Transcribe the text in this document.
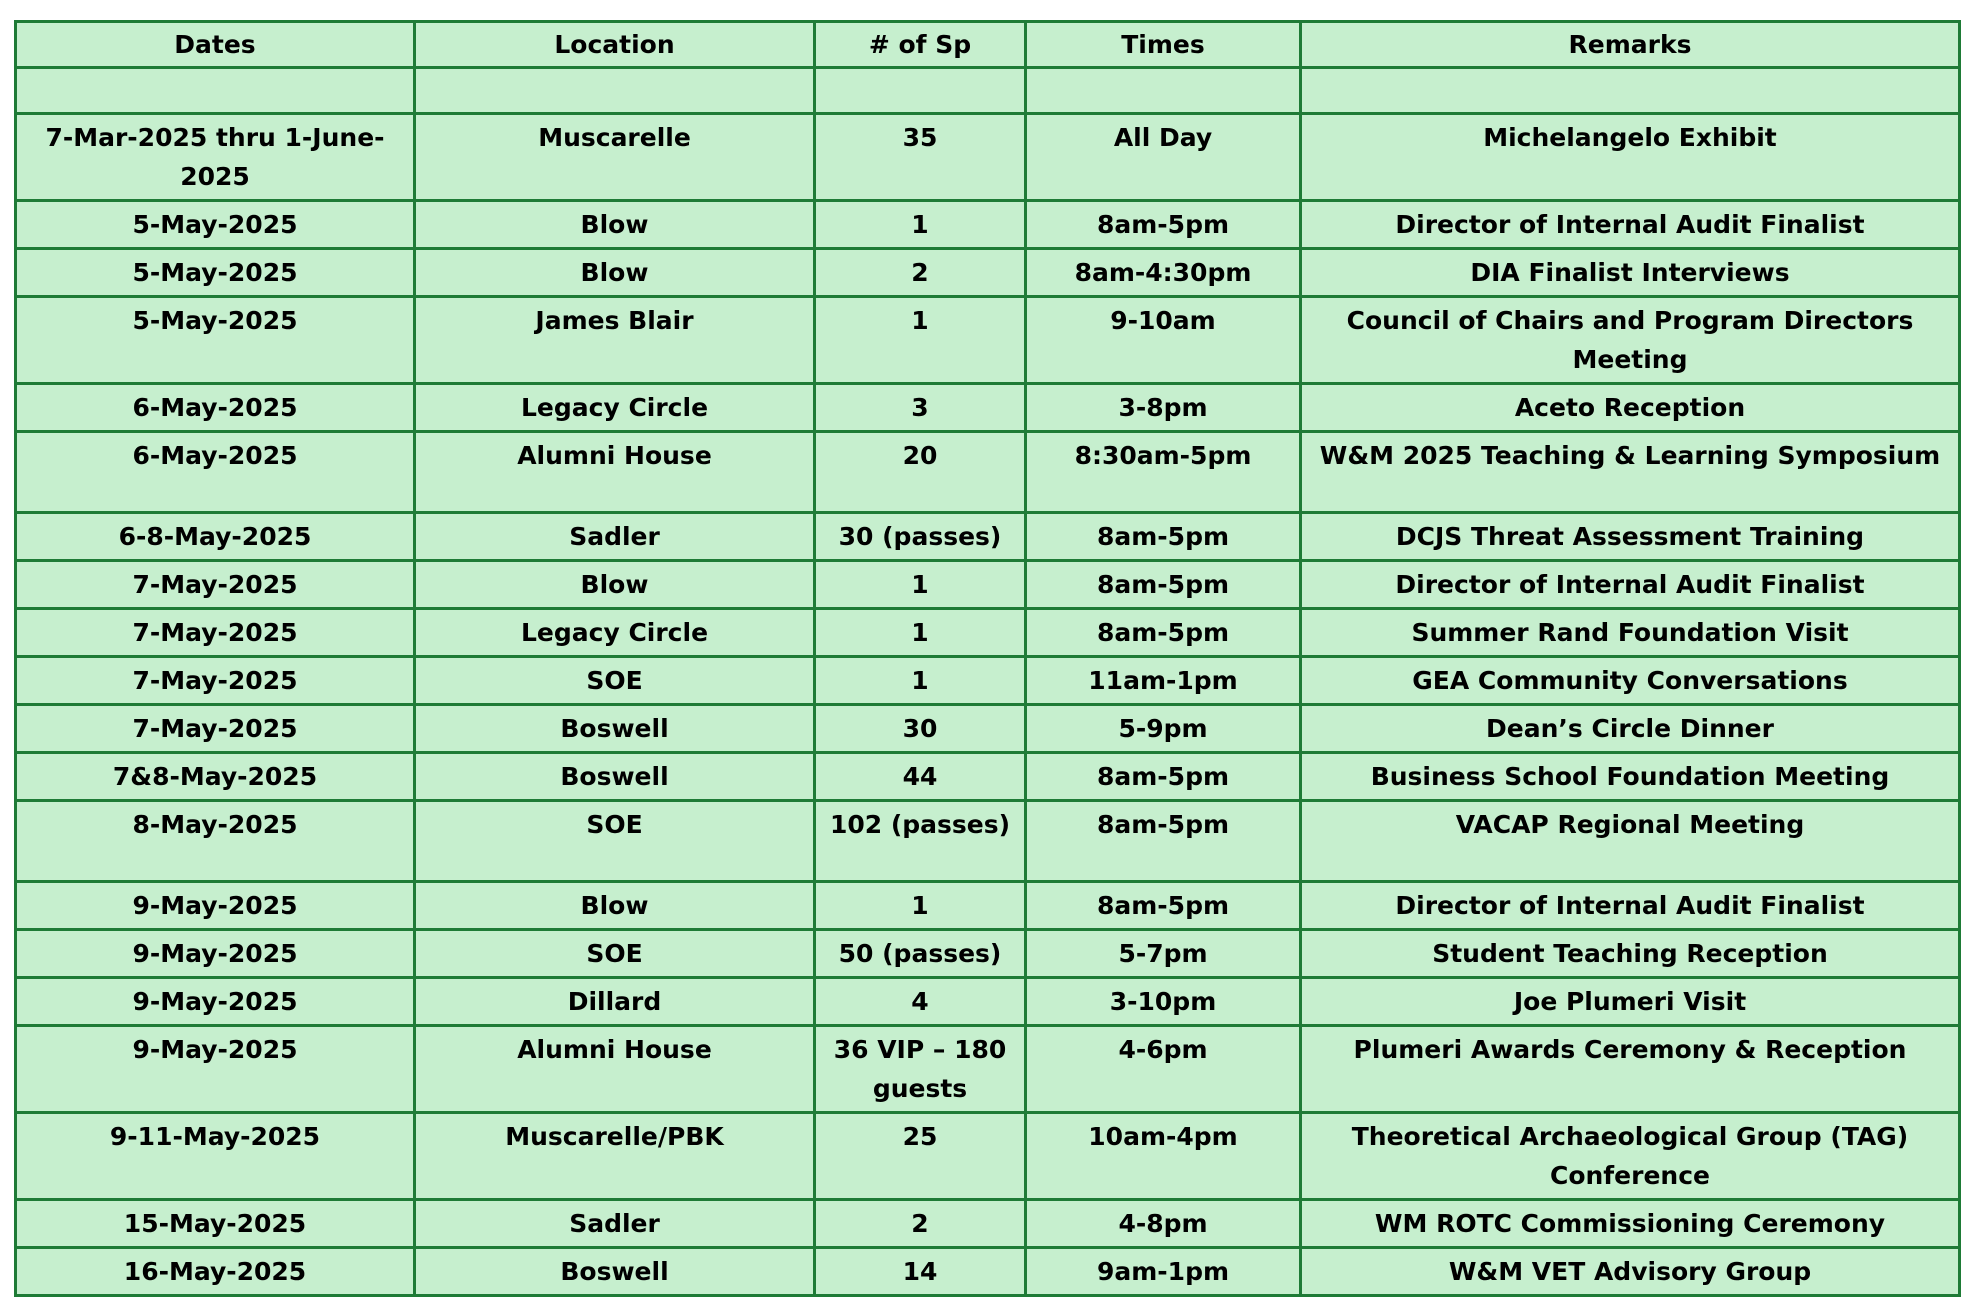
Dates	Location	# of Sp	Times	Remarks

7-Mar-2025 thru 1-June-2025	Muscarelle	35	All Day	Michelangelo Exhibit
5-May-2025	Blow	1	8am-5pm	Director of Internal Audit Finalist
5-May-2025	Blow	2	8am-4:30pm	DIA Finalist Interviews
5-May-2025	James Blair	1	9-10am	Council of Chairs and Program Directors Meeting
6-May-2025	Legacy Circle	3	3-8pm	Aceto Reception
6-May-2025	Alumni House	20	8:30am-5pm	W&M 2025 Teaching & Learning Symposium
6-8-May-2025	Sadler	30 (passes)	8am-5pm	DCJS Threat Assessment Training
7-May-2025	Blow	1	8am-5pm	Director of Internal Audit Finalist
7-May-2025	Legacy Circle	1	8am-5pm	Summer Rand Foundation Visit
7-May-2025	SOE	1	11am-1pm	GEA Community Conversations
7-May-2025	Boswell	30	5-9pm	Dean’s Circle Dinner
7&8-May-2025	Boswell	44	8am-5pm	Business School Foundation Meeting
8-May-2025	SOE	102 (passes)	8am-5pm	VACAP Regional Meeting
9-May-2025	Blow	1	8am-5pm	Director of Internal Audit Finalist
9-May-2025	SOE	50 (passes)	5-7pm	Student Teaching Reception
9-May-2025	Dillard	4	3-10pm	Joe Plumeri Visit
9-May-2025	Alumni House	36 VIP – 180 guests	4-6pm	Plumeri Awards Ceremony & Reception
9-11-May-2025	Muscarelle/PBK	25	10am-4pm	Theoretical Archaeological Group (TAG) Conference
15-May-2025	Sadler	2	4-8pm	WM ROTC Commissioning Ceremony
16-May-2025	Boswell	14	9am-1pm	W&M VET Advisory Group
